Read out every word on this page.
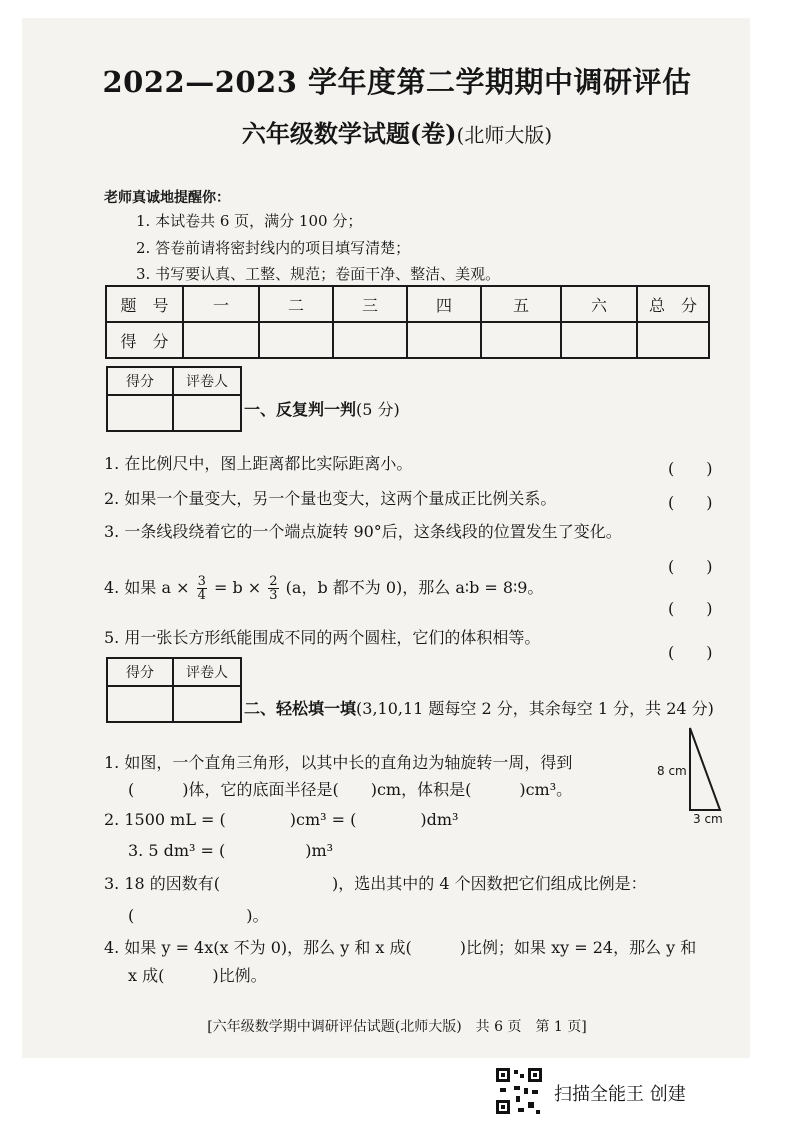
2022—2023 学年度第二学期期中调研评估
六年级数学试题(卷)(北师大版)
老师真诚地提醒你：
1. 本试卷共 6 页，满分 100 分；
2. 答卷前请将密封线内的项目填写清楚；
3. 书写要认真、工整、规范；卷面干净、整洁、美观。
题　号	一	二	三	四	五	六	总　分
得　分							
得分	评卷人

一、反复判一判(5 分)
1. 在比例尺中，图上距离都比实际距离小。	(　　)
2. 如果一个量变大，另一个量也变大，这两个量成正比例关系。	(　　)
3. 一条线段绕着它的一个端点旋转 90°后，这条线段的位置发生了变化。
(　　)
4. 如果 $a \times \frac{3}{4} = b \times \frac{2}{3} (a$，b 都不为 0)，那么 a∶b = 8∶9。
(　　)
5. 用一张长方形纸能围成不同的两个圆柱，它们的体积相等。
(　　)
得分	评卷人

二、轻松填一填(3,10,11 题每空 2 分，其余每空 1 分，共 24 分)
1. 如图，一个直角三角形，以其中长的直角边为轴旋转一周，得到
(　　　)体，它的底面半径是(　　)cm，体积是(　　　)cm³。
8 cm
3 cm
2. 1500 mL = (　　　　)cm³ = (　　　　)dm³
3. 5 dm³ = (　　　　　)m³
3. 18 的因数有(　　　　　　　)，选出其中的 4 个因数把它们组成比例是：
(　　　　　　　)。
4. 如果 y = 4x(x 不为 0)，那么 y 和 x 成(　　　)比例；如果 xy = 24，那么 y 和
x 成(　　　)比例。
[六年级数学期中调研评估试题(北师大版)　共 6 页　第 1 页]
扫描全能王 创建
